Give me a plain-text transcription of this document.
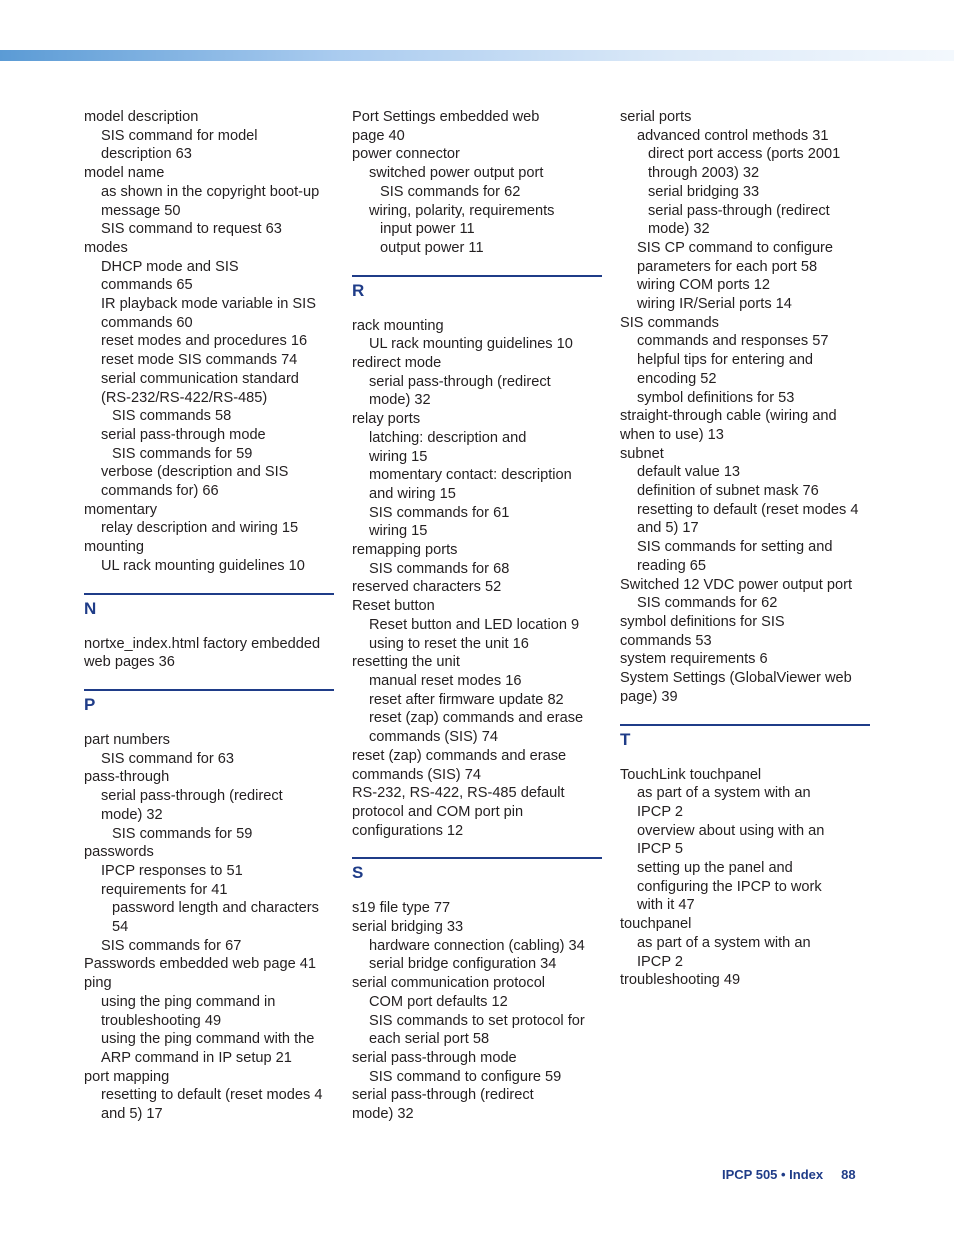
model description
SIS command for model
description 63
model name
as shown in the copyright boot-up
message 50
SIS command to request 63
modes
DHCP mode and SIS
commands 65
IR playback mode variable in SIS
commands 60
reset modes and procedures 16
reset mode SIS commands 74
serial communication standard
(RS-232/RS-422/RS-485)
SIS commands 58
serial pass-through mode
SIS commands for 59
verbose (description and SIS
commands for) 66
momentary
relay description and wiring 15
mounting
UL rack mounting guidelines 10
N
nortxe_index.html factory embedded
web pages 36
P
part numbers
SIS command for 63
pass-through
serial pass-through (redirect
mode) 32
SIS commands for 59
passwords
IPCP responses to 51
requirements for 41
password length and characters
54
SIS commands for 67
Passwords embedded web page 41
ping
using the ping command in
troubleshooting 49
using the ping command with the
ARP command in IP setup 21
port mapping
resetting to default (reset modes 4
and 5) 17
Port Settings embedded web
page 40
power connector
switched power output port
SIS commands for 62
wiring, polarity, requirements
input power 11
output power 11
R
rack mounting
UL rack mounting guidelines 10
redirect mode
serial pass-through (redirect
mode) 32
relay ports
latching: description and
wiring 15
momentary contact: description
and wiring 15
SIS commands for 61
wiring 15
remapping ports
SIS commands for 68
reserved characters 52
Reset button
Reset button and LED location 9
using to reset the unit 16
resetting the unit
manual reset modes 16
reset after firmware update 82
reset (zap) commands and erase
commands (SIS) 74
reset (zap) commands and erase
commands (SIS) 74
RS-232, RS-422, RS-485 default
protocol and COM port pin
configurations 12
S
s19 file type 77
serial bridging 33
hardware connection (cabling) 34
serial bridge configuration 34
serial communication protocol
COM port defaults 12
SIS commands to set protocol for
each serial port 58
serial pass-through mode
SIS command to configure 59
serial pass-through (redirect
mode) 32
serial ports
advanced control methods 31
direct port access (ports 2001
through 2003) 32
serial bridging 33
serial pass-through (redirect
mode) 32
SIS CP command to configure
parameters for each port 58
wiring COM ports 12
wiring IR/Serial ports 14
SIS commands
commands and responses 57
helpful tips for entering and
encoding 52
symbol definitions for 53
straight-through cable (wiring and
when to use) 13
subnet
default value 13
definition of subnet mask 76
resetting to default (reset modes 4
and 5) 17
SIS commands for setting and
reading 65
Switched 12 VDC power output port
SIS commands for 62
symbol definitions for SIS
commands 53
system requirements 6
System Settings (GlobalViewer web
page) 39
T
TouchLink touchpanel
as part of a system with an
IPCP 2
overview about using with an
IPCP 5
setting up the panel and
configuring the IPCP to work
with it 47
touchpanel
as part of a system with an
IPCP 2
troubleshooting 49
IPCP 505 • Index 88
